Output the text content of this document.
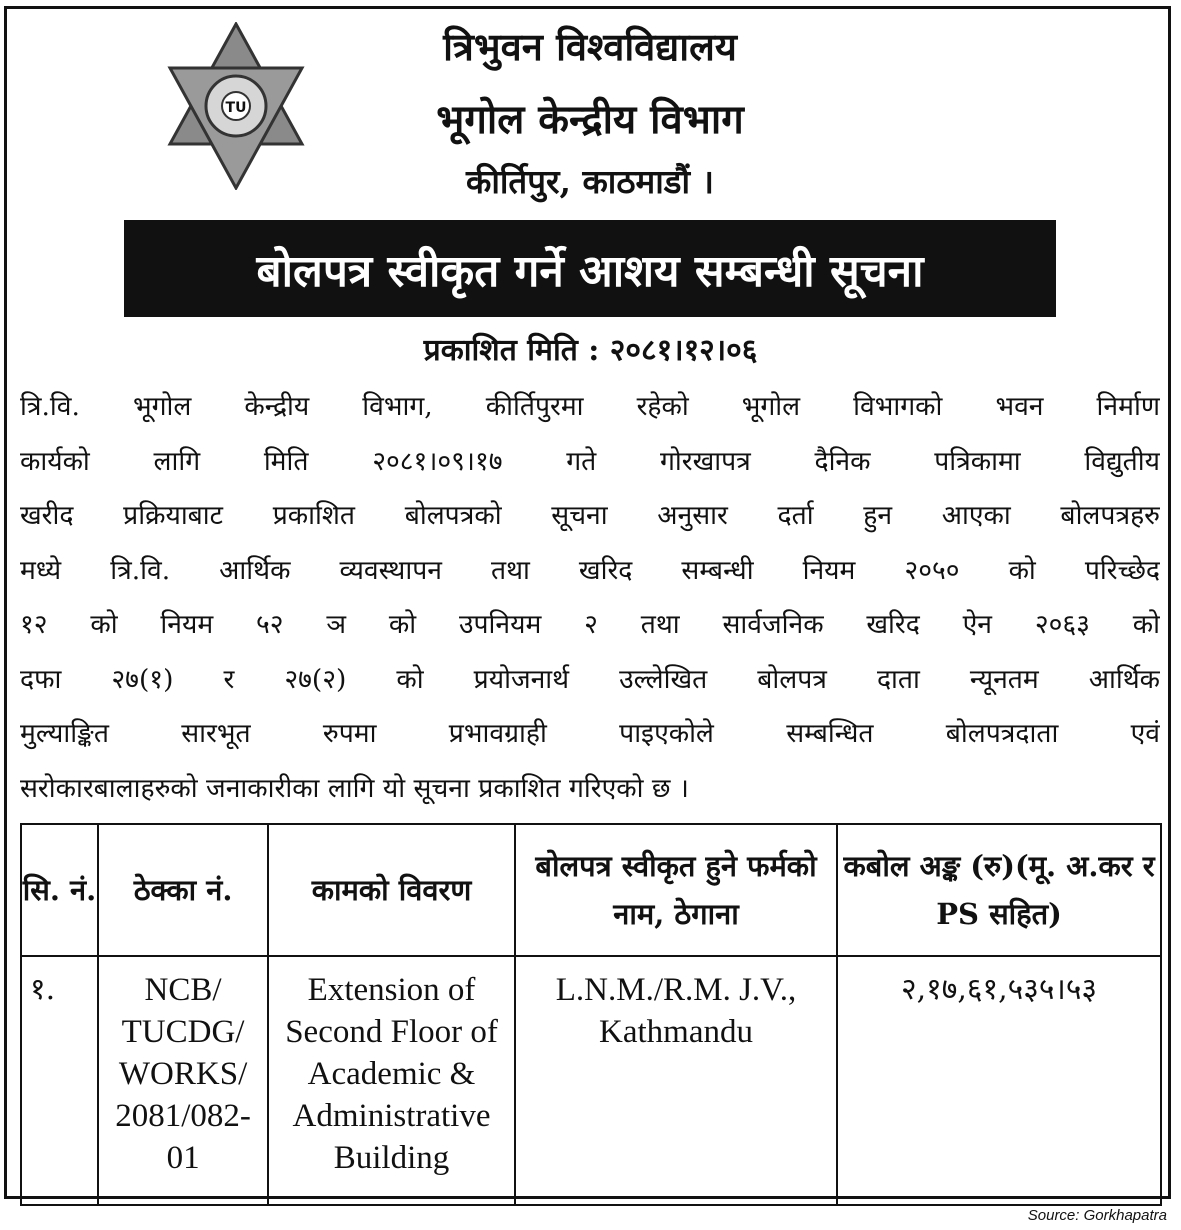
TU
त्रिभुवन विश्वविद्यालय
भूगोल केन्द्रीय विभाग
कीर्तिपुर, काठमाडौं ।
बोलपत्र स्वीकृत गर्ने आशय सम्बन्धी सूचना
प्रकाशित मिति : २०८१।१२।०६
त्रि.वि. भूगोल केन्द्रीय विभाग, कीर्तिपुरमा रहेको भूगोल विभागको भवन निर्माण
कार्यको लागि मिति २०८१।०९।१७ गते गोरखापत्र दैनिक पत्रिकामा विद्युतीय
खरीद प्रक्रियाबाट प्रकाशित बोलपत्रको सूचना अनुसार दर्ता हुन आएका बोलपत्रहरु
मध्ये त्रि.वि. आर्थिक व्यवस्थापन तथा खरिद सम्बन्धी नियम २०५० को परिच्छेद
१२ को नियम ५२ ञ को उपनियम २ तथा सार्वजनिक खरिद ऐन २०६३ को
दफा २७(१) र २७(२) को प्रयोजनार्थ उल्लेखित बोलपत्र दाता न्यूनतम आर्थिक
मुल्याङ्कित सारभूत रुपमा प्रभावग्राही पाइएकोले सम्बन्धित बोलपत्रदाता एवं
सरोकारबालाहरुको जनाकारीका लागि यो सूचना प्रकाशित गरिएको छ ।
सि. नं.	ठेक्का नं.	कामको विवरण	बोलपत्र स्वीकृत हुने फर्मको नाम, ठेगाना	कबोल अङ्क (रु)(मू. अ.कर र PS सहित)
१.	NCB/ TUCDG/ WORKS/ 2081/082- 01	Extension of Second Floor of Academic & Administrative Building	L.N.M./R.M. J.V., Kathmandu	२,१७,६१,५३५।५३
Source: Gorkhapatra
